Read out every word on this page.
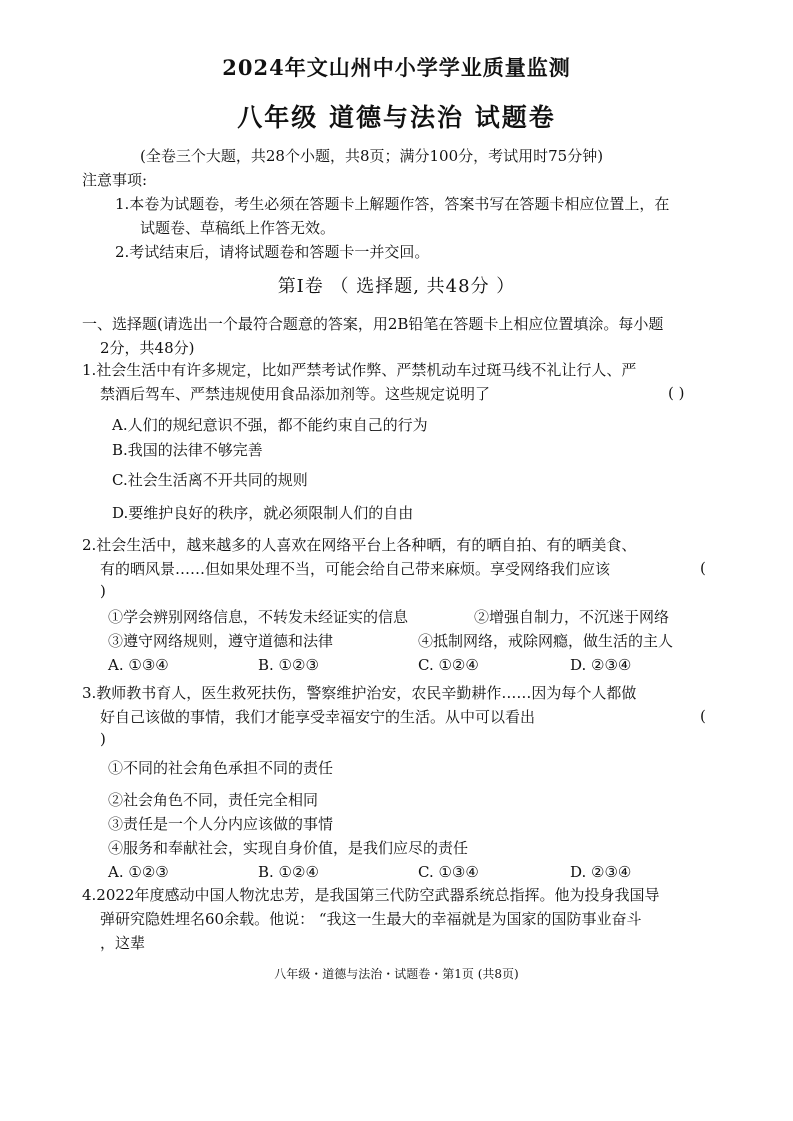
2024年文山州中小学学业质量监测
八年级 道德与法治 试题卷
(全卷三个大题，共28个小题，共8页；满分100分，考试用时75分钟)
注意事项:
1.本卷为试题卷，考生必须在答题卡上解题作答，答案书写在答题卡相应位置上，在
试题卷、草稿纸上作答无效。
2.考试结束后，请将试题卷和答题卡一并交回。
第Ⅰ卷 （ 选择题, 共48分 ）
一、选择题(请选出一个最符合题意的答案，用2B铅笔在答题卡上相应位置填涂。每小题
2分，共48分)
1.社会生活中有许多规定，比如严禁考试作弊、严禁机动车过斑马线不礼让行人、严
禁酒后驾车、严禁违规使用食品添加剂等。这些规定说明了	( )
A.人们的规纪意识不强，都不能约束自己的行为
B.我国的法律不够完善
C.社会生活离不开共同的规则
D.要维护良好的秩序，就必须限制人们的自由
2.社会生活中，越来越多的人喜欢在网络平台上各种晒，有的晒自拍、有的晒美食、
有的晒风景……但如果处理不当，可能会给自己带来麻烦。享受网络我们应该	(
)
①学会辨别网络信息，不转发未经证实的信息	②增强自制力，不沉迷于网络
③遵守网络规则，遵守道德和法律	④抵制网络，戒除网瘾，做生活的主人
A. ①③④	B. ①②③	C. ①②④	D. ②③④
3.教师教书育人，医生救死扶伤，警察维护治安，农民辛勤耕作……因为每个人都做
好自己该做的事情，我们才能享受幸福安宁的生活。从中可以看出	(
)
①不同的社会角色承担不同的责任
②社会角色不同，责任完全相同
③责任是一个人分内应该做的事情
④服务和奉献社会，实现自身价值，是我们应尽的责任
A. ①②③	B. ①②④	C. ①③④	D. ②③④
4.2022年度感动中国人物沈忠芳，是我国第三代防空武器系统总指挥。他为投身我国导
弹研究隐姓埋名60余载。他说： “我这一生最大的幸福就是为国家的国防事业奋斗
，这辈
八年级・道德与法治・试题卷・第1页 (共8页)
